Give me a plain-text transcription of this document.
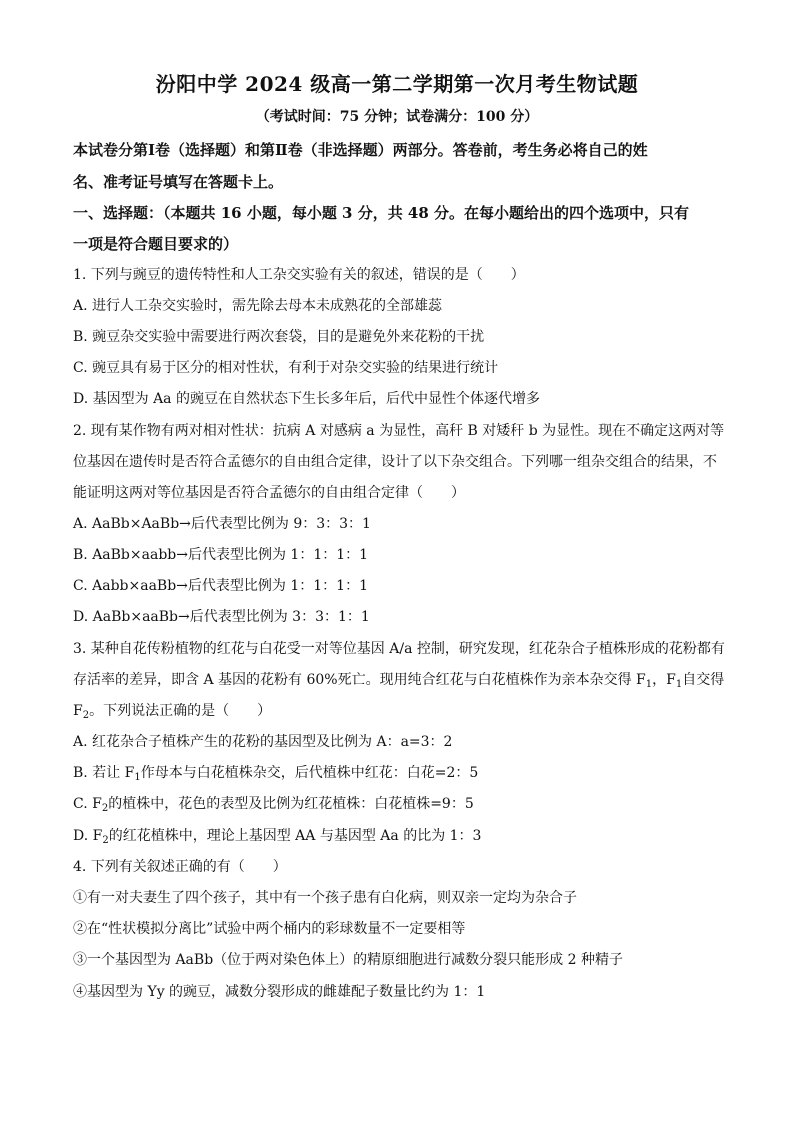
汾阳中学 2024 级高一第二学期第一次月考生物试题
（考试时间：75 分钟；试卷满分：100 分）
本试卷分第Ⅰ卷（选择题）和第Ⅱ卷（非选择题）两部分。答卷前，考生务必将自己的姓
名、准考证号填写在答题卡上。
一、选择题：（本题共 16 小题，每小题 3 分，共 48 分。在每小题给出的四个选项中，只有
一项是符合题目要求的）
1. 下列与豌豆的遗传特性和人工杂交实验有关的叙述，错误的是（　　）
A. 进行人工杂交实验时，需先除去母本未成熟花的全部雄蕊
B. 豌豆杂交实验中需要进行两次套袋，目的是避免外来花粉的干扰
C. 豌豆具有易于区分的相对性状，有利于对杂交实验的结果进行统计
D. 基因型为 Aa 的豌豆在自然状态下生长多年后，后代中显性个体逐代增多
2. 现有某作物有两对相对性状：抗病 A 对感病 a 为显性，高秆 B 对矮秆 b 为显性。现在不确定这两对等
位基因在遗传时是否符合孟德尔的自由组合定律，设计了以下杂交组合。下列哪一组杂交组合的结果，不
能证明这两对等位基因是否符合孟德尔的自由组合定律（　　）
A. AaBb×AaBb→后代表型比例为 9：3：3：1
B. AaBb×aabb→后代表型比例为 1：1：1：1
C. Aabb×aaBb→后代表型比例为 1：1：1：1
D. AaBb×aaBb→后代表型比例为 3：3：1：1
3. 某种自花传粉植物的红花与白花受一对等位基因 A/a 控制，研究发现，红花杂合子植株形成的花粉都有
存活率的差异，即含 A 基因的花粉有 60%死亡。现用纯合红花与白花植株作为亲本杂交得 $F_1$，$F_1$自交得
$F_2$。下列说法正确的是（　　）
A. 红花杂合子植株产生的花粉的基因型及比例为 A：a=3：2
B. 若让 $F_1$作母本与白花植株杂交，后代植株中红花：白花=2：5
C. $F_2$的植株中，花色的表型及比例为红花植株：白花植株=9：5
D. $F_2$的红花植株中，理论上基因型 AA 与基因型 Aa 的比为 1：3
4. 下列有关叙述正确的有（　　）
①有一对夫妻生了四个孩子，其中有一个孩子患有白化病，则双亲一定均为杂合子
②在“性状模拟分离比”试验中两个桶内的彩球数量不一定要相等
③一个基因型为 AaBb（位于两对染色体上）的精原细胞进行减数分裂只能形成 2 种精子
④基因型为 Yy 的豌豆，减数分裂形成的雌雄配子数量比约为 1：1
